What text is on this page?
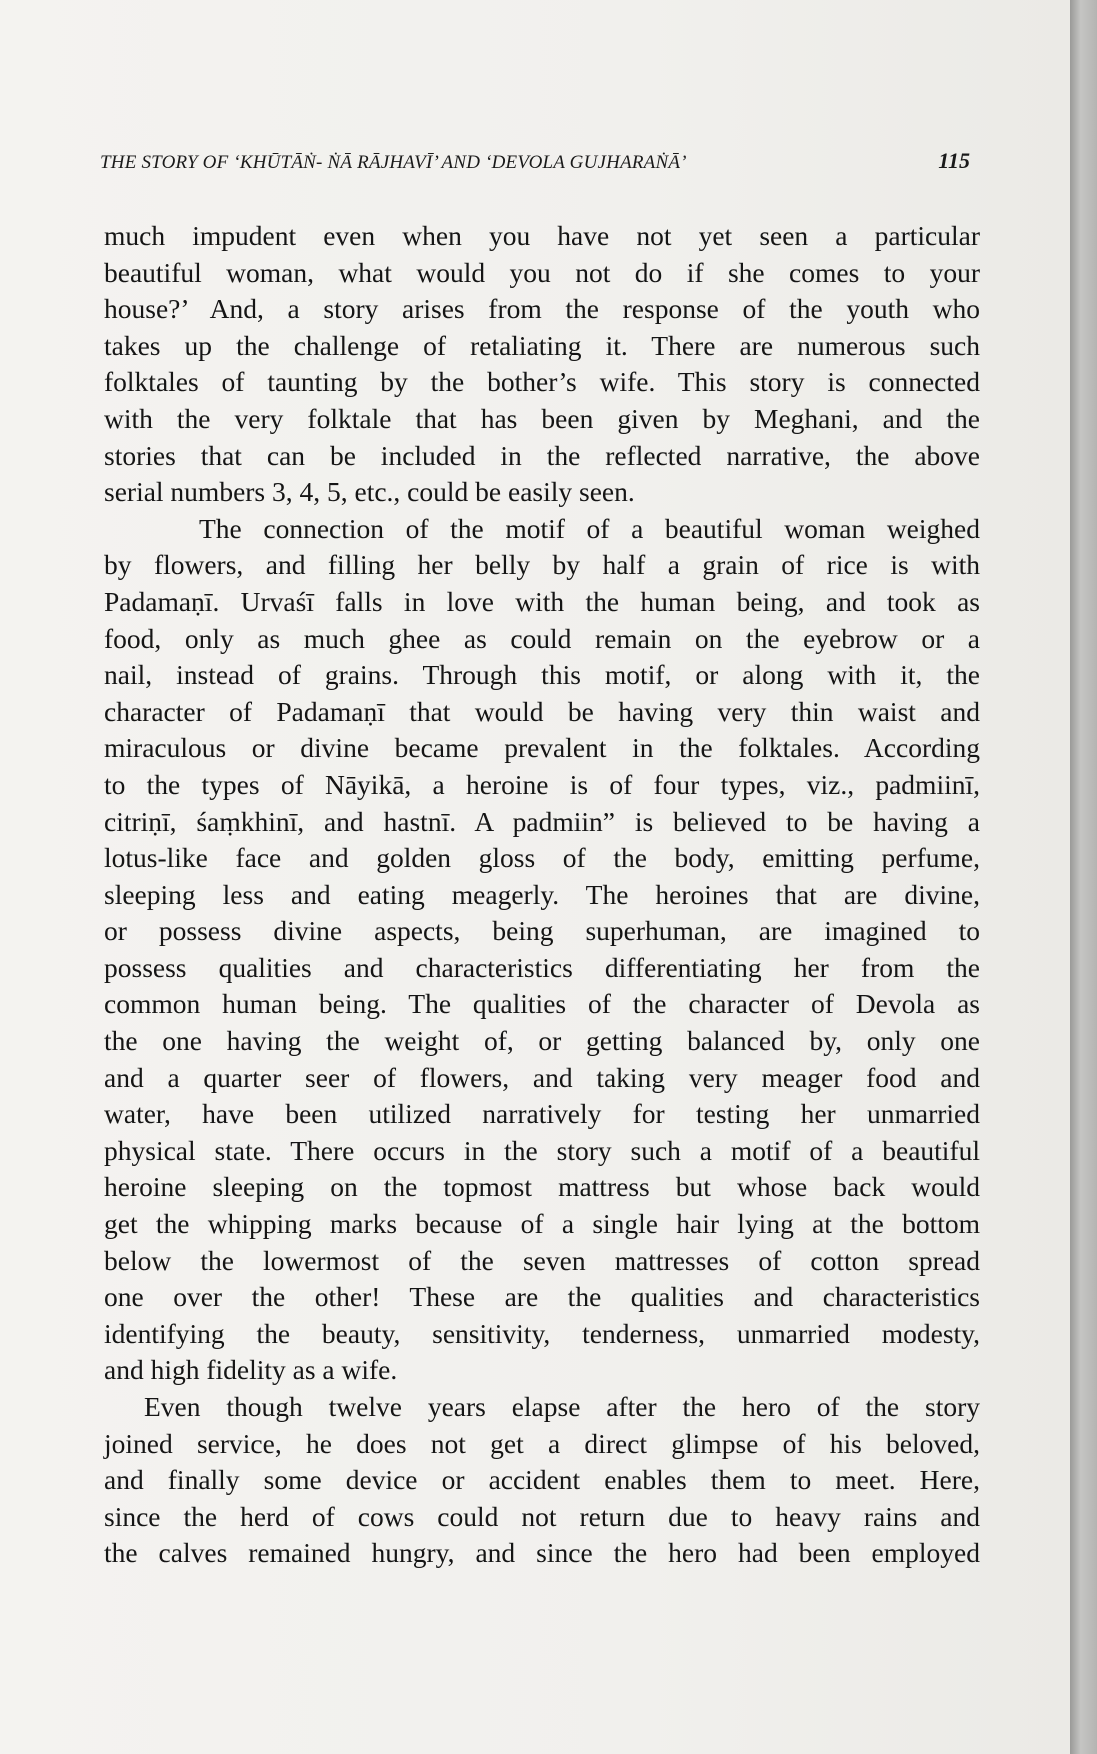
THE STORY OF ‘KHŪTĀṄ- ṄĀ RĀJHAVĪ’ AND ‘DEVOLA GUJHARAṄĀ’	115
much impudent even when you have not yet seen a particular
beautiful woman, what would you not do if she comes to your
house?’ And, a story arises from the response of the youth who
takes up the challenge of retaliating it. There are numerous such
folktales of taunting by the bother’s wife. This story is connected
with the very folktale that has been given by Meghani, and the
stories that can be included in the reflected narrative, the above
serial numbers 3, 4, 5, etc., could be easily seen.
The connection of the motif of a beautiful woman weighed
by flowers, and filling her belly by half a grain of rice is with
Padamaṇī. Urvaśī falls in love with the human being, and took as
food, only as much ghee as could remain on the eyebrow or a
nail, instead of grains. Through this motif, or along with it, the
character of Padamaṇī that would be having very thin waist and
miraculous or divine became prevalent in the folktales. According
to the types of Nāyikā, a heroine is of four types, viz., padmiinī,
citriṇī, śaṃkhinī, and hastnī. A padmiin” is believed to be having a
lotus-like face and golden gloss of the body, emitting perfume,
sleeping less and eating meagerly. The heroines that are divine,
or possess divine aspects, being superhuman, are imagined to
possess qualities and characteristics differentiating her from the
common human being. The qualities of the character of Devola as
the one having the weight of, or getting balanced by, only one
and a quarter seer of flowers, and taking very meager food and
water, have been utilized narratively for testing her unmarried
physical state. There occurs in the story such a motif of a beautiful
heroine sleeping on the topmost mattress but whose back would
get the whipping marks because of a single hair lying at the bottom
below the lowermost of the seven mattresses of cotton spread
one over the other! These are the qualities and characteristics
identifying the beauty, sensitivity, tenderness, unmarried modesty,
and high fidelity as a wife.
Even though twelve years elapse after the hero of the story
joined service, he does not get a direct glimpse of his beloved,
and finally some device or accident enables them to meet. Here,
since the herd of cows could not return due to heavy rains and
the calves remained hungry, and since the hero had been employed
